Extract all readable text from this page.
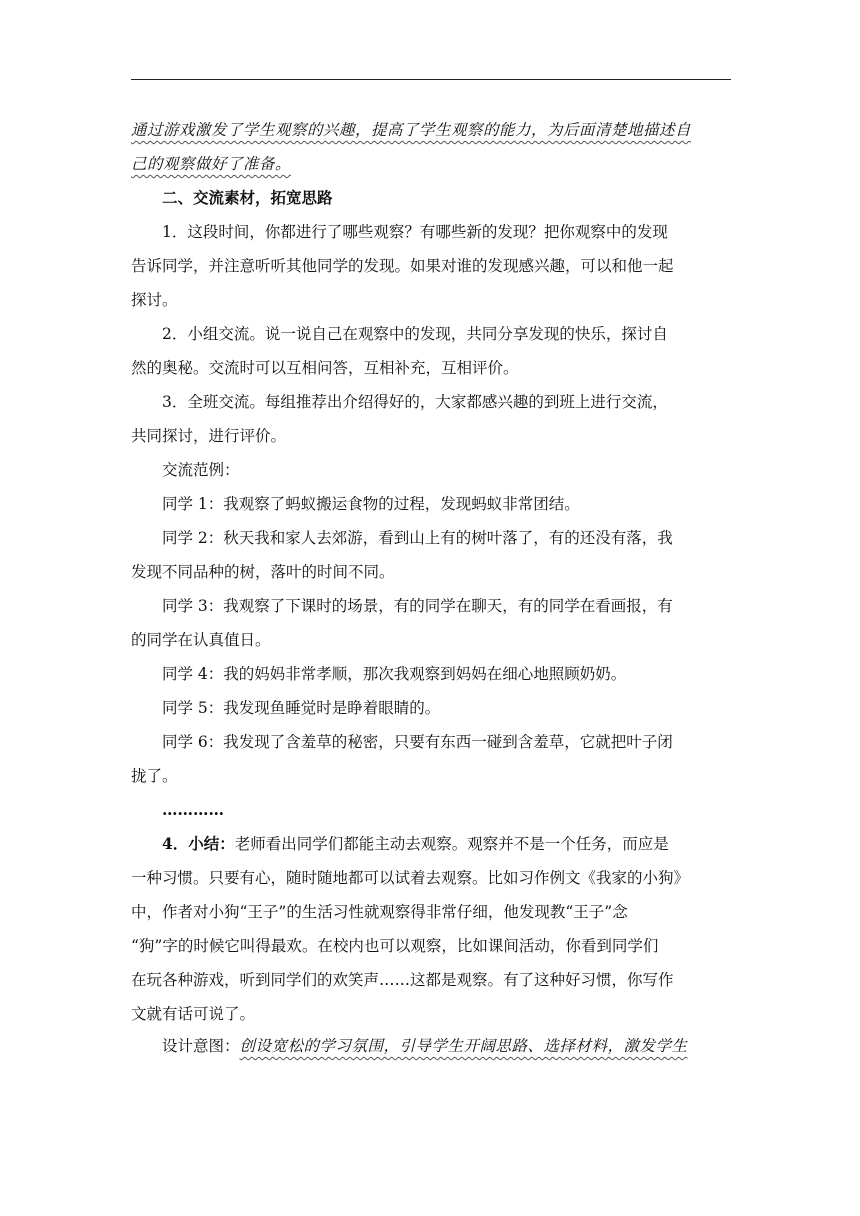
通过游戏激发了学生观察的兴趣，提高了学生观察的能力，为后面清楚地描述自
己的观察做好了准备。
二、交流素材，拓宽思路
1．这段时间，你都进行了哪些观察？有哪些新的发现？把你观察中的发现
告诉同学，并注意听听其他同学的发现。如果对谁的发现感兴趣，可以和他一起
探讨。
2．小组交流。说一说自己在观察中的发现，共同分享发现的快乐，探讨自
然的奥秘。交流时可以互相问答，互相补充，互相评价。
3．全班交流。每组推荐出介绍得好的，大家都感兴趣的到班上进行交流，
共同探讨，进行评价。
交流范例：
同学 1：我观察了蚂蚁搬运食物的过程，发现蚂蚁非常团结。
同学 2：秋天我和家人去郊游，看到山上有的树叶落了，有的还没有落，我
发现不同品种的树，落叶的时间不同。
同学 3：我观察了下课时的场景，有的同学在聊天，有的同学在看画报，有
的同学在认真值日。
同学 4：我的妈妈非常孝顺，那次我观察到妈妈在细心地照顾奶奶。
同学 5：我发现鱼睡觉时是睁着眼睛的。
同学 6：我发现了含羞草的秘密，只要有东西一碰到含羞草，它就把叶子闭
拢了。
…………
4．小结：老师看出同学们都能主动去观察。观察并不是一个任务，而应是
一种习惯。只要有心，随时随地都可以试着去观察。比如习作例文《我家的小狗》
中，作者对小狗“王子”的生活习性就观察得非常仔细，他发现教“王子”念
“狗”字的时候它叫得最欢。在校内也可以观察，比如课间活动，你看到同学们
在玩各种游戏，听到同学们的欢笑声……这都是观察。有了这种好习惯，你写作
文就有话可说了。
设计意图：创设宽松的学习氛围，引导学生开阔思路、选择材料，激发学生
